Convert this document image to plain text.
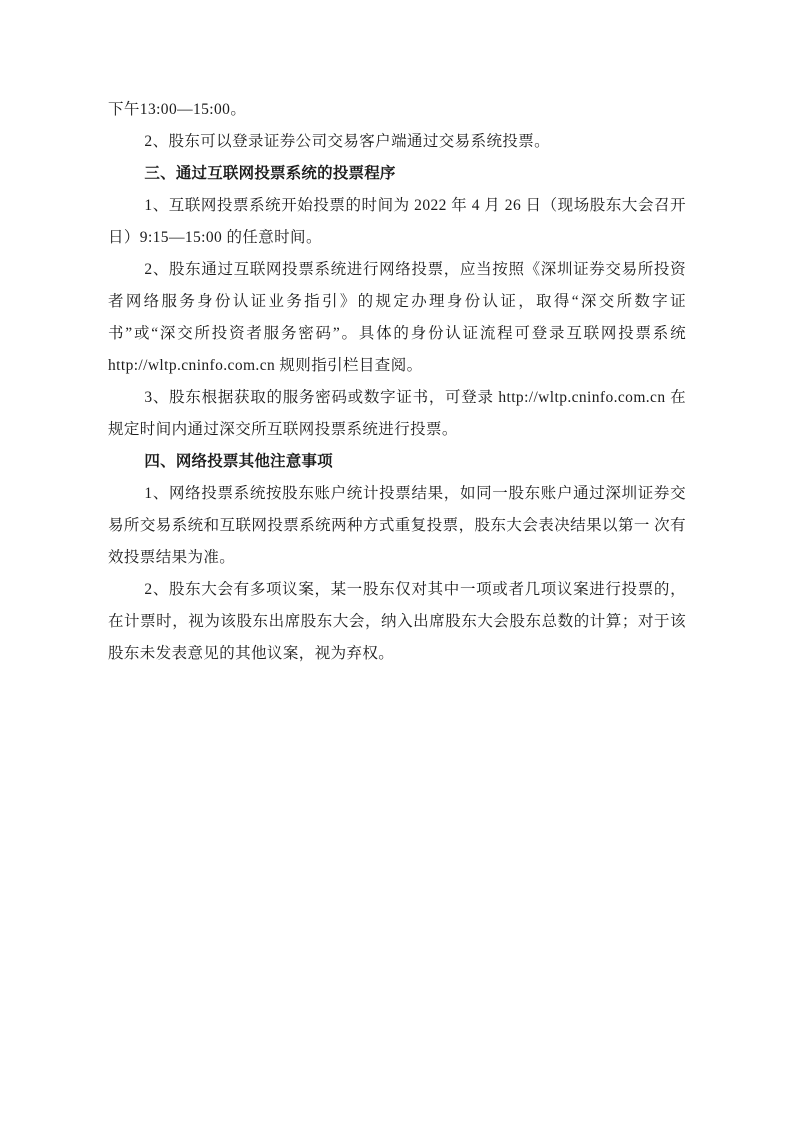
下午13:00—15:00。

2、股东可以登录证券公司交易客户端通过交易系统投票。

三、通过互联网投票系统的投票程序

1、互联网投票系统开始投票的时间为 2022 年 4 月 26 日（现场股东大会召开日）9:15—15:00 的任意时间。

2、股东通过互联网投票系统进行网络投票，应当按照《深圳证券交易所投资者网络服务身份认证业务指引》的规定办理身份认证，取得“深交所数字证书”或“深交所投资者服务密码”。具体的身份认证流程可登录互联网投票系统 http://wltp.cninfo.com.cn 规则指引栏目查阅。

3、股东根据获取的服务密码或数字证书，可登录 http://wltp.cninfo.com.cn 在规定时间内通过深交所互联网投票系统进行投票。

四、网络投票其他注意事项

1、网络投票系统按股东账户统计投票结果，如同一股东账户通过深圳证券交易所交易系统和互联网投票系统两种方式重复投票，股东大会表决结果以第一 次有效投票结果为准。

2、股东大会有多项议案，某一股东仅对其中一项或者几项议案进行投票的，在计票时，视为该股东出席股东大会，纳入出席股东大会股东总数的计算；对于该股东未发表意见的其他议案，视为弃权。
